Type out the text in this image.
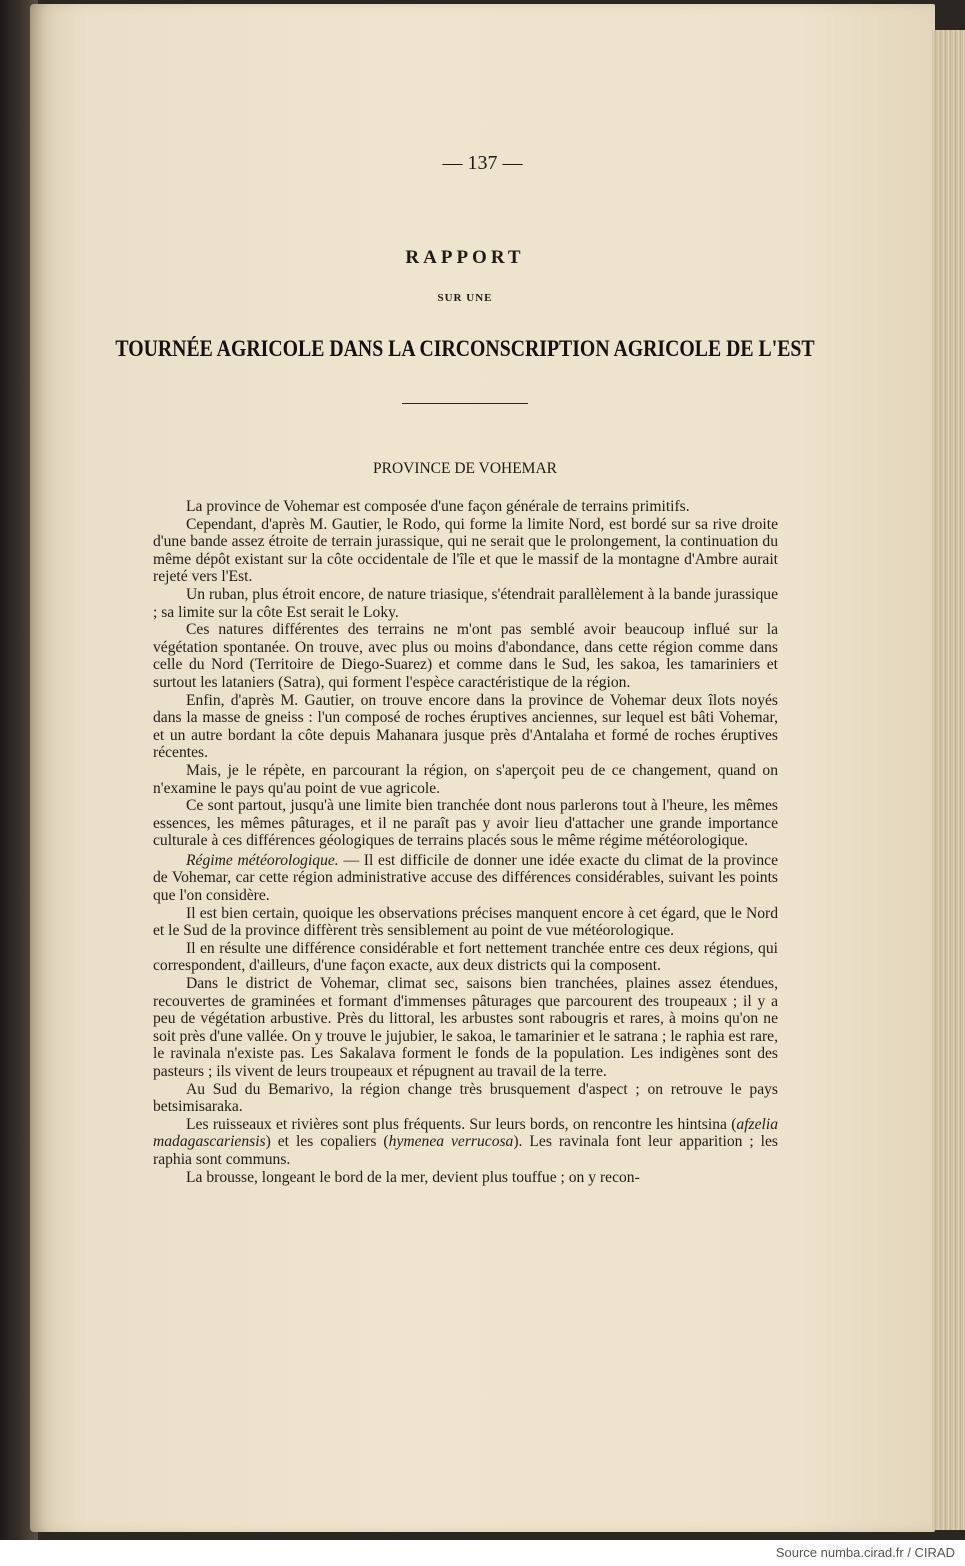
— 137 —
RAPPORT
SUR UNE
TOURNÉE AGRICOLE DANS LA CIRCONSCRIPTION AGRICOLE DE L'EST
PROVINCE DE VOHEMAR

La province de Vohemar est composée d'une façon générale de terrains primitifs.

Cependant, d'après M. Gautier, le Rodo, qui forme la limite Nord, est bordé sur sa rive droite d'une bande assez étroite de terrain jurassique, qui ne serait que le prolongement, la continuation du même dépôt existant sur la côte occidentale de l'île et que le massif de la montagne d'Ambre aurait rejeté vers l'Est.

Un ruban, plus étroit encore, de nature triasique, s'étendrait parallèlement à la bande jurassique ; sa limite sur la côte Est serait le Loky.

Ces natures différentes des terrains ne m'ont pas semblé avoir beaucoup influé sur la végétation spontanée. On trouve, avec plus ou moins d'abondance, dans cette région comme dans celle du Nord (Territoire de Diego-Suarez) et comme dans le Sud, les sakoa, les tamariniers et surtout les lataniers (Satra), qui forment l'espèce caractéristique de la région.

Enfin, d'après M. Gautier, on trouve encore dans la province de Vohemar deux îlots noyés dans la masse de gneiss : l'un composé de roches éruptives anciennes, sur lequel est bâti Vohemar, et un autre bordant la côte depuis Mahanara jusque près d'Antalaha et formé de roches éruptives récentes.

Mais, je le répète, en parcourant la région, on s'aperçoit peu de ce changement, quand on n'examine le pays qu'au point de vue agricole.

Ce sont partout, jusqu'à une limite bien tranchée dont nous parlerons tout à l'heure, les mêmes essences, les mêmes pâturages, et il ne paraît pas y avoir lieu d'attacher une grande importance culturale à ces différences géologiques de terrains placés sous le même régime météorologique.

Régime météorologique. — Il est difficile de donner une idée exacte du climat de la province de Vohemar, car cette région administrative accuse des différences considérables, suivant les points que l'on considère.

Il est bien certain, quoique les observations précises manquent encore à cet égard, que le Nord et le Sud de la province diffèrent très sensiblement au point de vue météorologique.

Il en résulte une différence considérable et fort nettement tranchée entre ces deux régions, qui correspondent, d'ailleurs, d'une façon exacte, aux deux districts qui la composent.

Dans le district de Vohemar, climat sec, saisons bien tranchées, plaines assez étendues, recouvertes de graminées et formant d'immenses pâturages que parcourent des troupeaux ; il y a peu de végétation arbustive. Près du littoral, les arbustes sont rabougris et rares, à moins qu'on ne soit près d'une vallée. On y trouve le jujubier, le sakoa, le tamarinier et le satrana ; le raphia est rare, le ravinala n'existe pas. Les Sakalava forment le fonds de la population. Les indigènes sont des pasteurs ; ils vivent de leurs troupeaux et répugnent au travail de la terre.

Au Sud du Bemarivo, la région change très brusquement d'aspect ; on retrouve le pays betsimisaraka.

Les ruisseaux et rivières sont plus fréquents. Sur leurs bords, on rencontre les hintsina (afzelia madagascariensis) et les copaliers (hymenea verrucosa). Les ravinala font leur apparition ; les raphia sont communs.

La brousse, longeant le bord de la mer, devient plus touffue ; on y recon-

Source numba.cirad.fr / CIRAD
